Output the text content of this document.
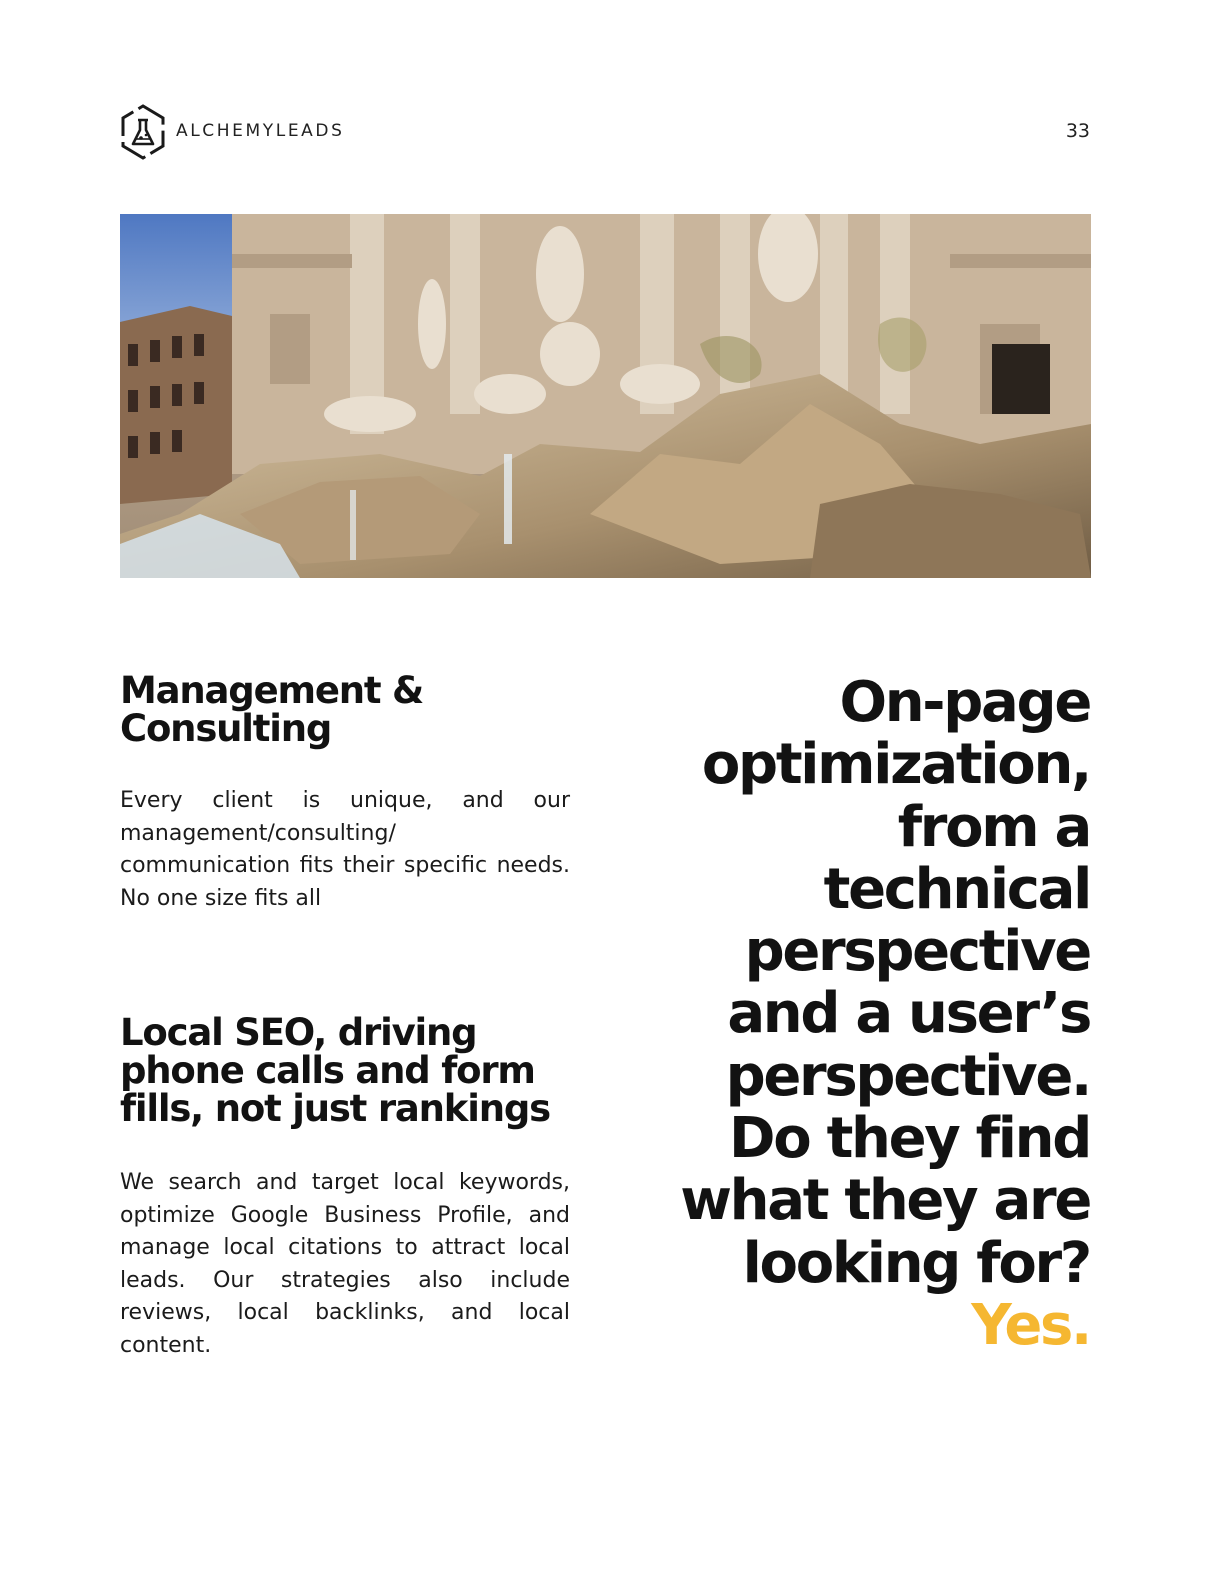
ALCHEMYLEADS	33
Management & Consulting

Every client is unique, and our management/consulting/ communication fits their specific needs. No one size fits all

Local SEO, driving phone calls and form fills, not just rankings

We search and target local keywords, optimize Google Business Profile, and manage local citations to attract local leads. Our strategies also include reviews, local backlinks, and local content.

On-page
optimization,
from a
technical
perspective
and a user’s
perspective.
Do they find
what they are
looking for?
Yes.
